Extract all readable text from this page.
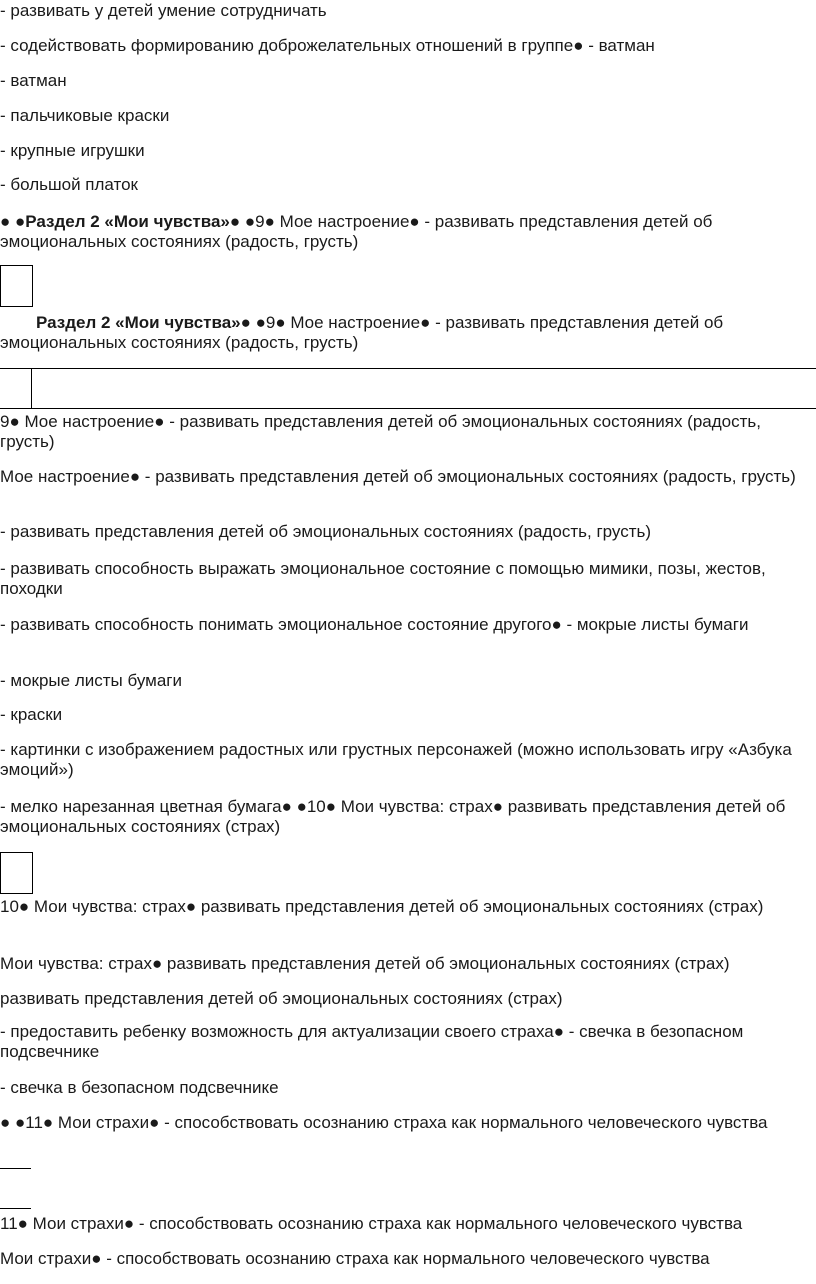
- развивать у детей умение сотрудничать

- содействовать формированию доброжелательных отношений в группе● - ватман

- ватман

- пальчиковые краски

- крупные игрушки

- большой платок

● ●Раздел 2 «Мои чувства»● ●9● Мое настроение● - развивать представления детей об эмоциональных состояниях (радость, грусть)

Раздел 2 «Мои чувства»● ●9● Мое настроение● - развивать представления детей об эмоциональных состояниях (радость, грусть)

9● Мое настроение● - развивать представления детей об эмоциональных состояниях (радость, грусть)

Мое настроение● - развивать представления детей об эмоциональных состояниях (радость, грусть)

- развивать представления детей об эмоциональных состояниях (радость, грусть)

- развивать способность выражать эмоциональное состояние с помощью мимики, позы, жестов, походки

- развивать способность понимать эмоциональное состояние другого● - мокрые листы бумаги

- мокрые листы бумаги

- краски

- картинки с изображением радостных или грустных персонажей (можно использовать игру «Азбука эмоций»)

- мелко нарезанная цветная бумага● ●10● Мои чувства: страх● развивать представления детей об эмоциональных состояниях (страх)

10● Мои чувства: страх● развивать представления детей об эмоциональных состояниях (страх)

Мои чувства: страх● развивать представления детей об эмоциональных состояниях (страх)

развивать представления детей об эмоциональных состояниях (страх)

- предоставить ребенку возможность для актуализации своего страха● - свечка в безопасном подсвечнике

- свечка в безопасном подсвечнике

● ●11● Мои страхи● - способствовать осознанию страха как нормального человеческого чувства

11● Мои страхи● - способствовать осознанию страха как нормального человеческого чувства

Мои страхи● - способствовать осознанию страха как нормального человеческого чувства
